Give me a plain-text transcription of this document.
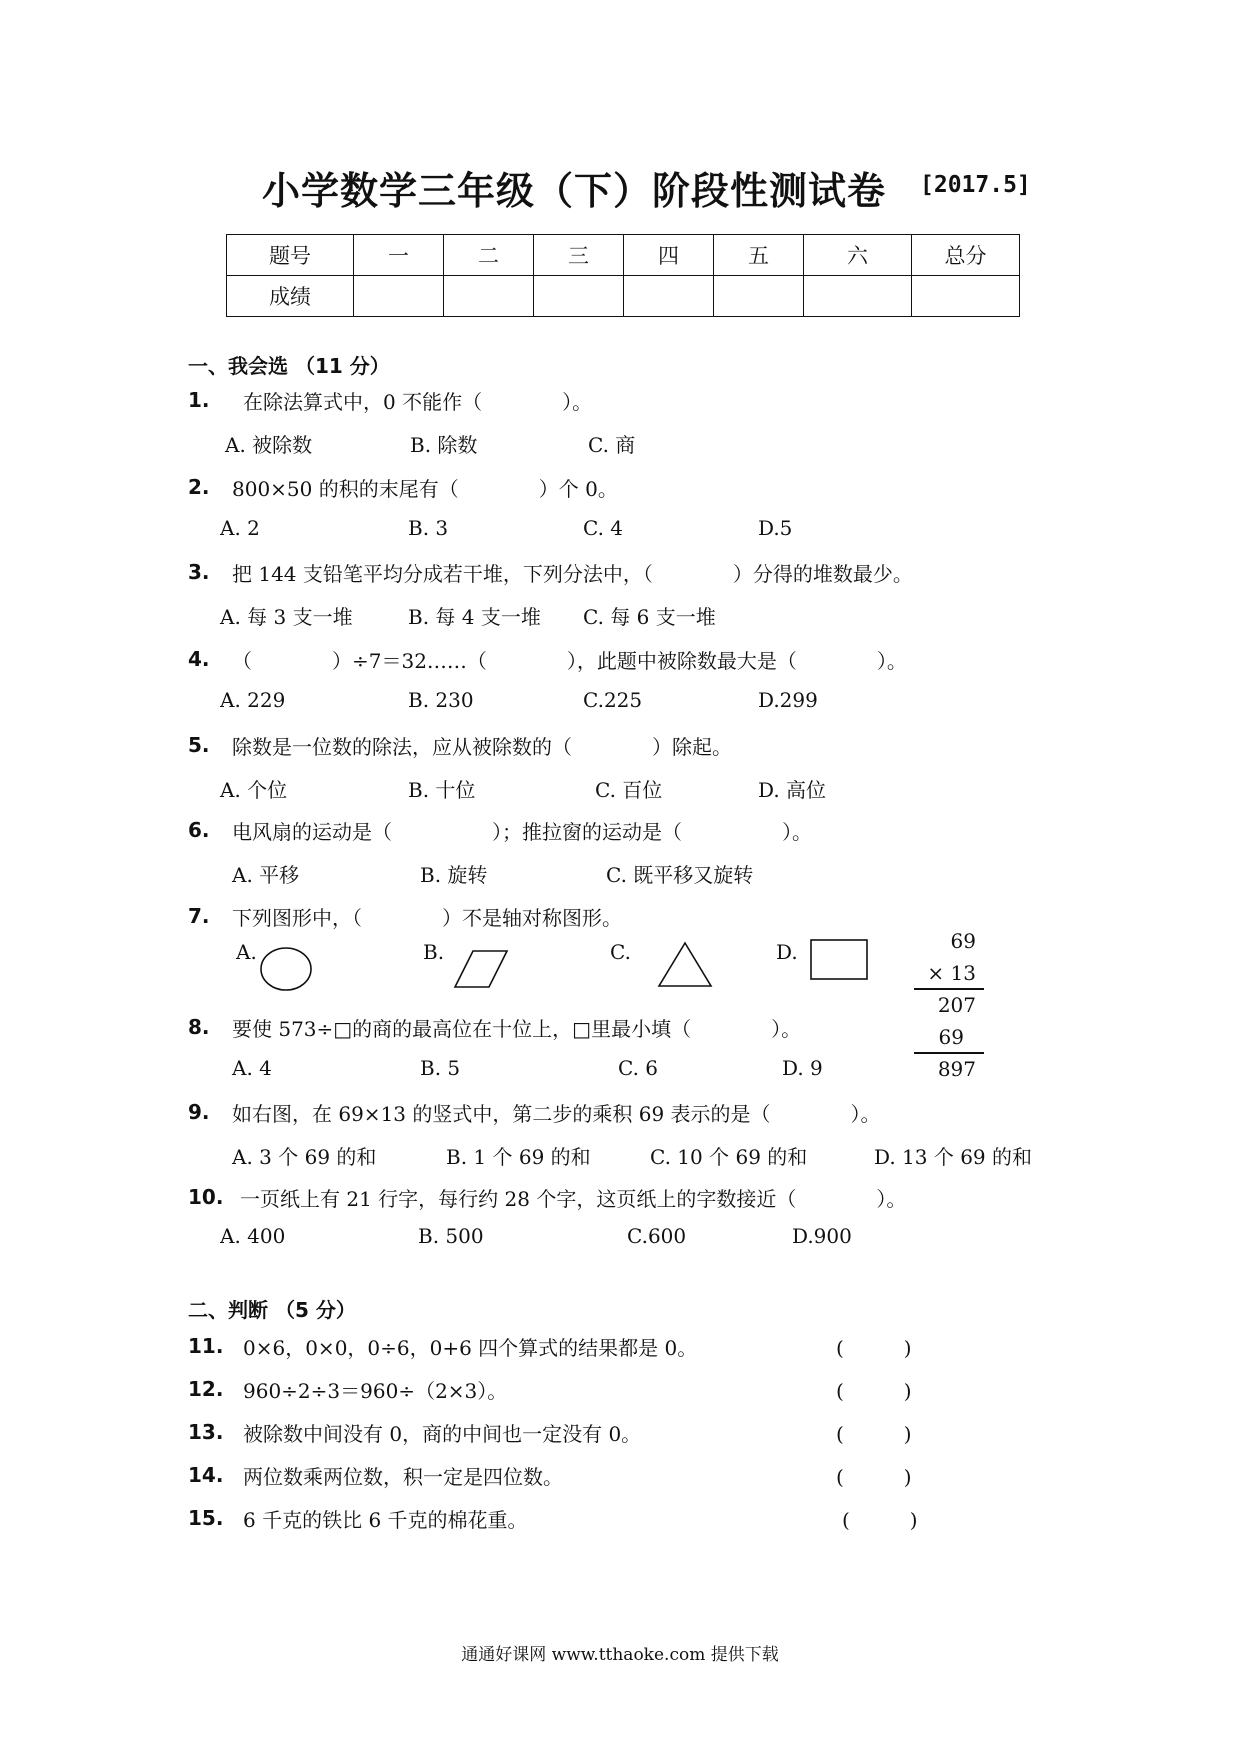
小学数学三年级（下）阶段性测试卷 [2017.5]
题号	一	二	三	四	五	六	总分
成绩							
一、我会选 （11 分）
1. 在除法算式中，0 不能作（　　　　）。
A. 被除数	B. 除数	C. 商
2. 800×50 的积的末尾有（　　　　）个 0。
A. 2	B. 3	C. 4	D.5
3. 把 144 支铅笔平均分成若干堆，下列分法中，（　　　　）分得的堆数最少。
A. 每 3 支一堆	B. 每 4 支一堆 C. 每 6 支一堆
4. （　　　　）÷7＝32……（　　　　），此题中被除数最大是（　　　　）。
A. 229	B. 230	C.225	D.299
5. 除数是一位数的除法，应从被除数的（　　　　）除起。
A. 个位	B. 十位	C. 百位	D. 高位
6. 电风扇的运动是（　　　　　）；推拉窗的运动是（　　　　　）。
A. 平移	B. 旋转	C. 既平移又旋转
7. 下列图形中，（　　　　）不是轴对称图形。
A.	B.	C.	D.	69
× 13
207
69
897
8. 要使 573÷□的商的最高位在十位上，□里最小填（　　　　）。
A. 4	B. 5	C. 6	D. 9
9. 如右图，在 69×13 的竖式中，第二步的乘积 69 表示的是（　　　　）。
A. 3 个 69 的和	B. 1 个 69 的和	C. 10 个 69 的和	D. 13 个 69 的和
10. 一页纸上有 21 行字，每行约 28 个字，这页纸上的字数接近（　　　　）。
A. 400	B. 500	C.600	D.900
二、判断 （5 分）
11. 0×6，0×0，0÷6，0+6 四个算式的结果都是 0。	(　　　)
12. 960÷2÷3＝960÷（2×3）。	(　　　)
13. 被除数中间没有 0，商的中间也一定没有 0。	(　　　)
14. 两位数乘两位数，积一定是四位数。	(　　　)
15. 6 千克的铁比 6 千克的棉花重。	(　　　)
通通好课网 www.tthaoke.com 提供下载
